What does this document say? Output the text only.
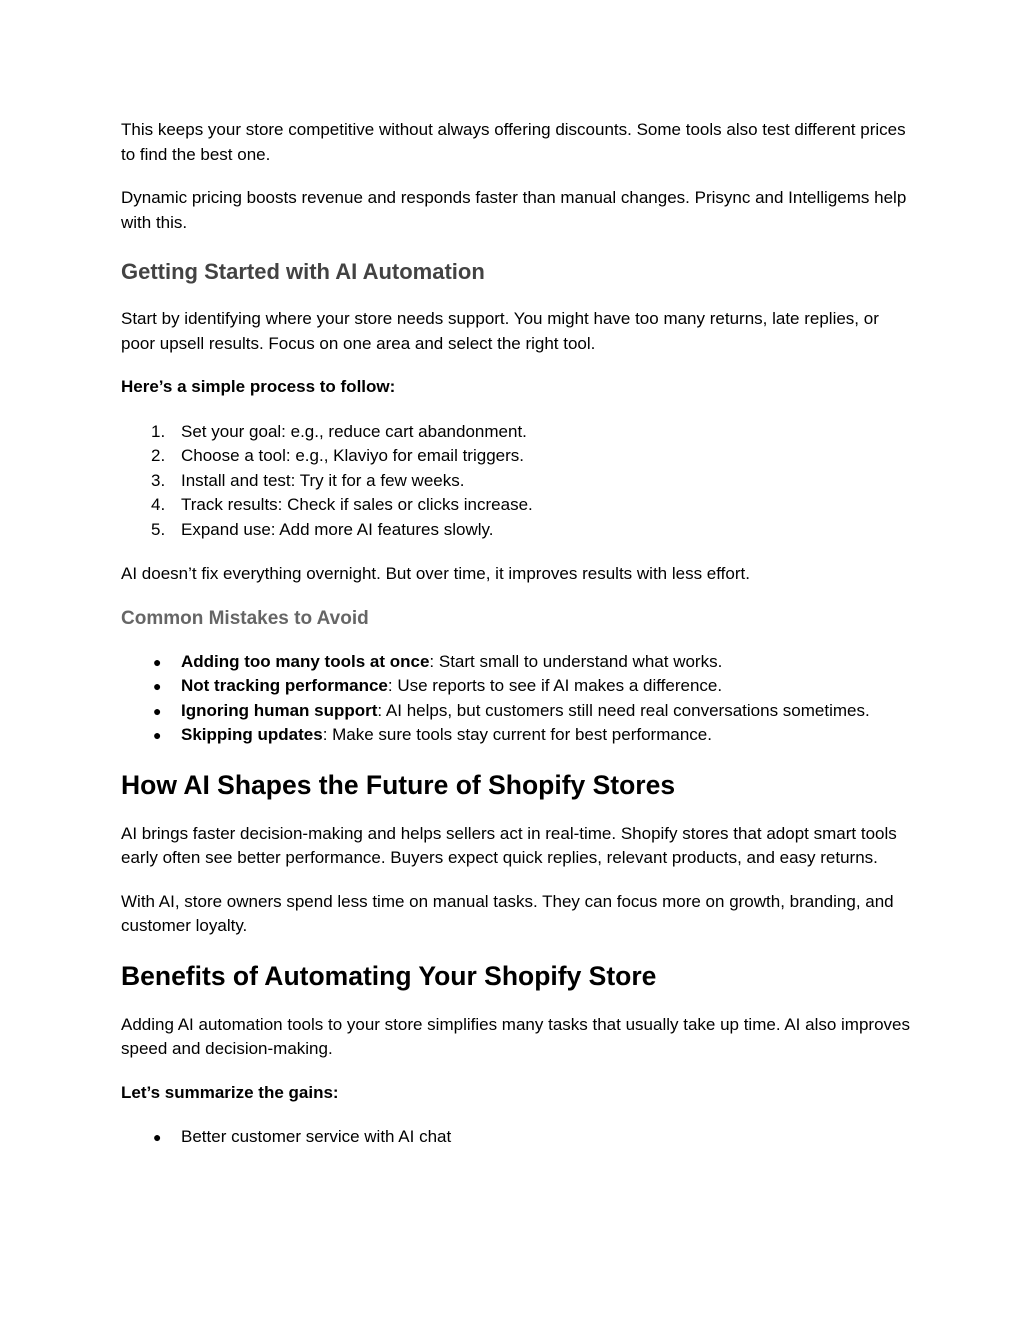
This keeps your store competitive without always offering discounts. Some tools also test different prices to find the best one.

Dynamic pricing boosts revenue and responds faster than manual changes. Prisync and Intelligems help with this.

Getting Started with AI Automation

Start by identifying where your store needs support. You might have too many returns, late replies, or poor upsell results. Focus on one area and select the right tool.

Here’s a simple process to follow:

1. Set your goal: e.g., reduce cart abandonment.
2. Choose a tool: e.g., Klaviyo for email triggers.
3. Install and test: Try it for a few weeks.
4. Track results: Check if sales or clicks increase.
5. Expand use: Add more AI features slowly.

AI doesn’t fix everything overnight. But over time, it improves results with less effort.

Common Mistakes to Avoid
●	Adding too many tools at once: Start small to understand what works.
●	Not tracking performance: Use reports to see if AI makes a difference.
●	Ignoring human support: AI helps, but customers still need real conversations sometimes.
●	Skipping updates: Make sure tools stay current for best performance.
How AI Shapes the Future of Shopify Stores

AI brings faster decision-making and helps sellers act in real-time. Shopify stores that adopt smart tools early often see better performance. Buyers expect quick replies, relevant products, and easy returns.

With AI, store owners spend less time on manual tasks. They can focus more on growth, branding, and customer loyalty.

Benefits of Automating Your Shopify Store

Adding AI automation tools to your store simplifies many tasks that usually take up time. AI also improves speed and decision-making.

Let’s summarize the gains:

●	Better customer service with AI chat
